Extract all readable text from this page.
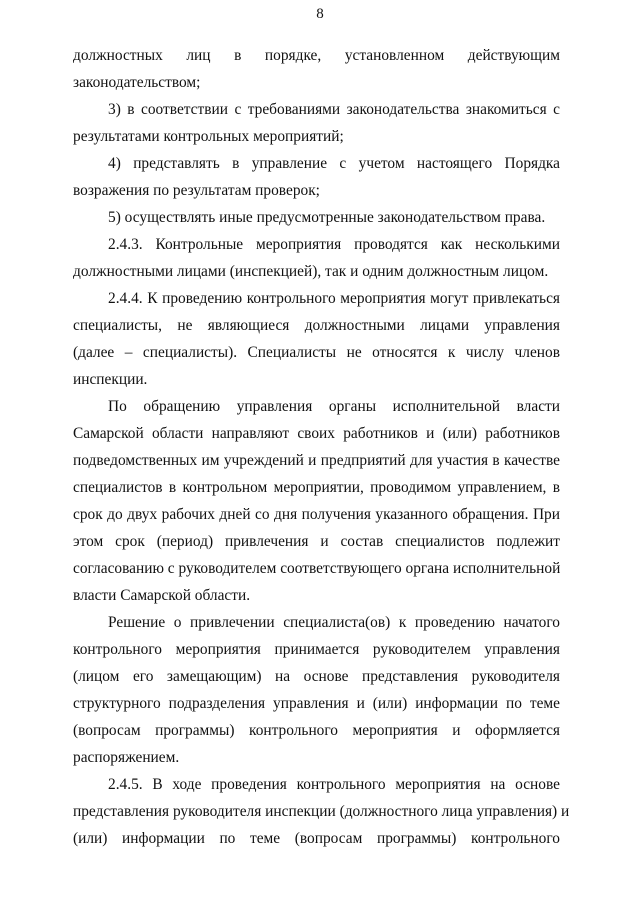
8
должностных лиц в порядке, установленном действующим
законодательством;
3) в соответствии с требованиями законодательства знакомиться с
результатами контрольных мероприятий;
4) представлять в управление с учетом настоящего Порядка
возражения по результатам проверок;
5) осуществлять иные предусмотренные законодательством права.
2.4.3. Контрольные мероприятия проводятся как несколькими
должностными лицами (инспекцией), так и одним должностным лицом.
2.4.4. К проведению контрольного мероприятия могут привлекаться
специалисты, не являющиеся должностными лицами управления
(далее – специалисты). Специалисты не относятся к числу членов
инспекции.
По обращению управления органы исполнительной власти
Самарской области направляют своих работников и (или) работников
подведомственных им учреждений и предприятий для участия в качестве
специалистов в контрольном мероприятии, проводимом управлением, в
срок до двух рабочих дней со дня получения указанного обращения. При
этом срок (период) привлечения и состав специалистов подлежит
согласованию с руководителем соответствующего органа исполнительной
власти Самарской области.
Решение о привлечении специалиста(ов) к проведению начатого
контрольного мероприятия принимается руководителем управления
(лицом его замещающим) на основе представления руководителя
структурного подразделения управления и (или) информации по теме
(вопросам программы) контрольного мероприятия и оформляется
распоряжением.
2.4.5. В ходе проведения контрольного мероприятия на основе
представления руководителя инспекции (должностного лица управления) и
(или) информации по теме (вопросам программы) контрольного
